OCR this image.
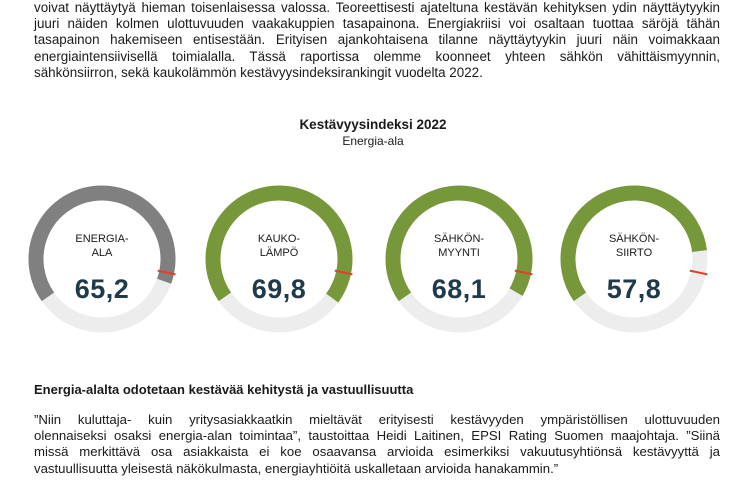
voivat näyttäytyä hieman toisenlaisessa valossa. Teoreettisesti ajateltuna kestävän kehityksen ydin näyttäytyykin
juuri näiden kolmen ulottuvuuden vaakakuppien tasapainona. Energiakriisi voi osaltaan tuottaa säröjä tähän
tasapainon hakemiseen entisestään. Erityisen ajankohtaisena tilanne näyttäytyykin juuri näin voimakkaan
energiaintensiivisellä toimialalla. Tässä raportissa olemme koonneet yhteen sähkön vähittäismyynnin,
sähkönsiirron, sekä kaukolämmön kestävyysindeksirankingit vuodelta 2022.
Kestävyysindeksi 2022
Energia-ala
ENERGIA-
ALA
65,2
KAUKO-
LÄMPÖ
69,8
SÄHKÖN-
MYYNTI
68,1
SÄHKÖN-
SIIRTO
57,8
Energia-alalta odotetaan kestävää kehitystä ja vastuullisuutta
”Niin kuluttaja- kuin yritysasiakkaatkin mieltävät erityisesti kestävyyden ympäristöllisen ulottuvuuden
olennaiseksi osaksi energia-alan toimintaa”, taustoittaa Heidi Laitinen, EPSI Rating Suomen maajohtaja. ”Siinä
missä merkittävä osa asiakkaista ei koe osaavansa arvioida esimerkiksi vakuutusyhtiönsä kestävyyttä ja
vastuullisuutta yleisestä näkökulmasta, energiayhtiöitä uskalletaan arvioida hanakammin.”
